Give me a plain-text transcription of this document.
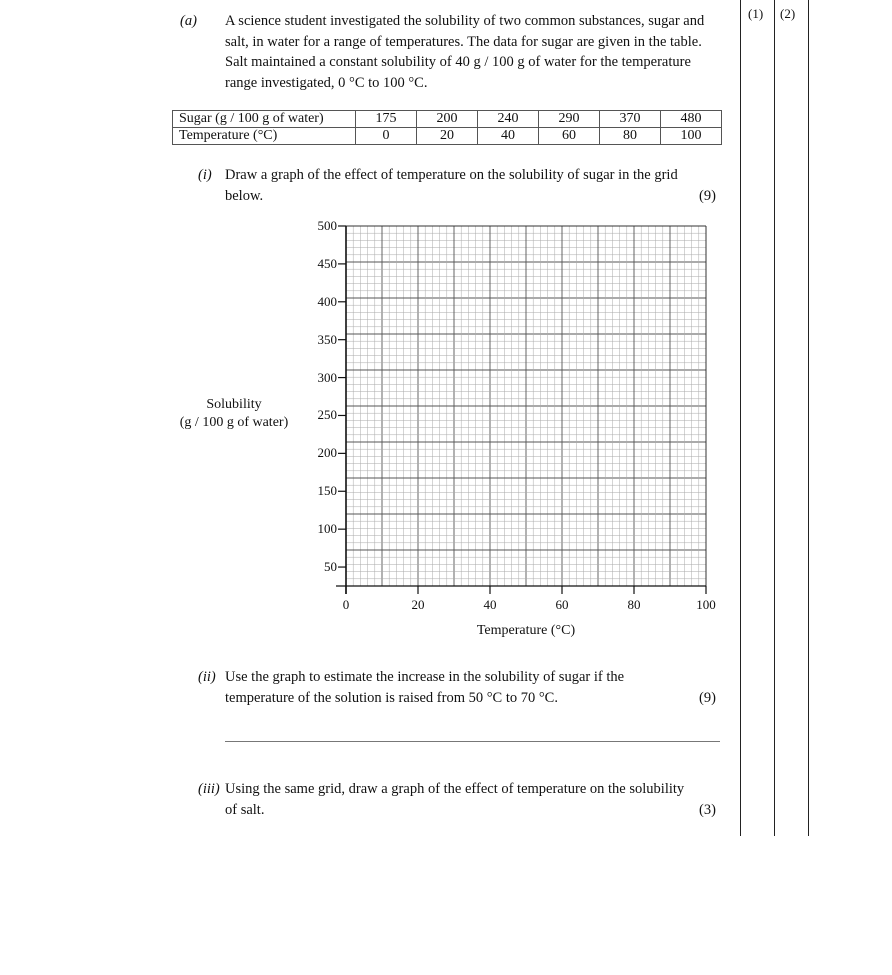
(1) (2)
(a) A science student investigated the solubility of two common substances, sugar and salt, in water for a range of temperatures. The data for sugar are given in the table. Salt maintained a constant solubility of 40 g / 100 g of water for the temperature range investigated, 0 °C to 100 °C.
Sugar (g / 100 g of water)	175	200	240	290	370	480
Temperature (°C)	0	20	40	60	80	100
(i) Draw a graph of the effect of temperature on the solubility of sugar in the grid below.	(9)
Solubility
(g / 100 g of water)
50
100
150
200
250
300
350
400
450
500
0	20	40	60	80	100
Temperature (°C)
(ii) Use the graph to estimate the increase in the solubility of sugar if the temperature of the solution is raised from 50 °C to 70 °C.	(9)
(iii) Using the same grid, draw a graph of the effect of temperature on the solubility of salt.	(3)
